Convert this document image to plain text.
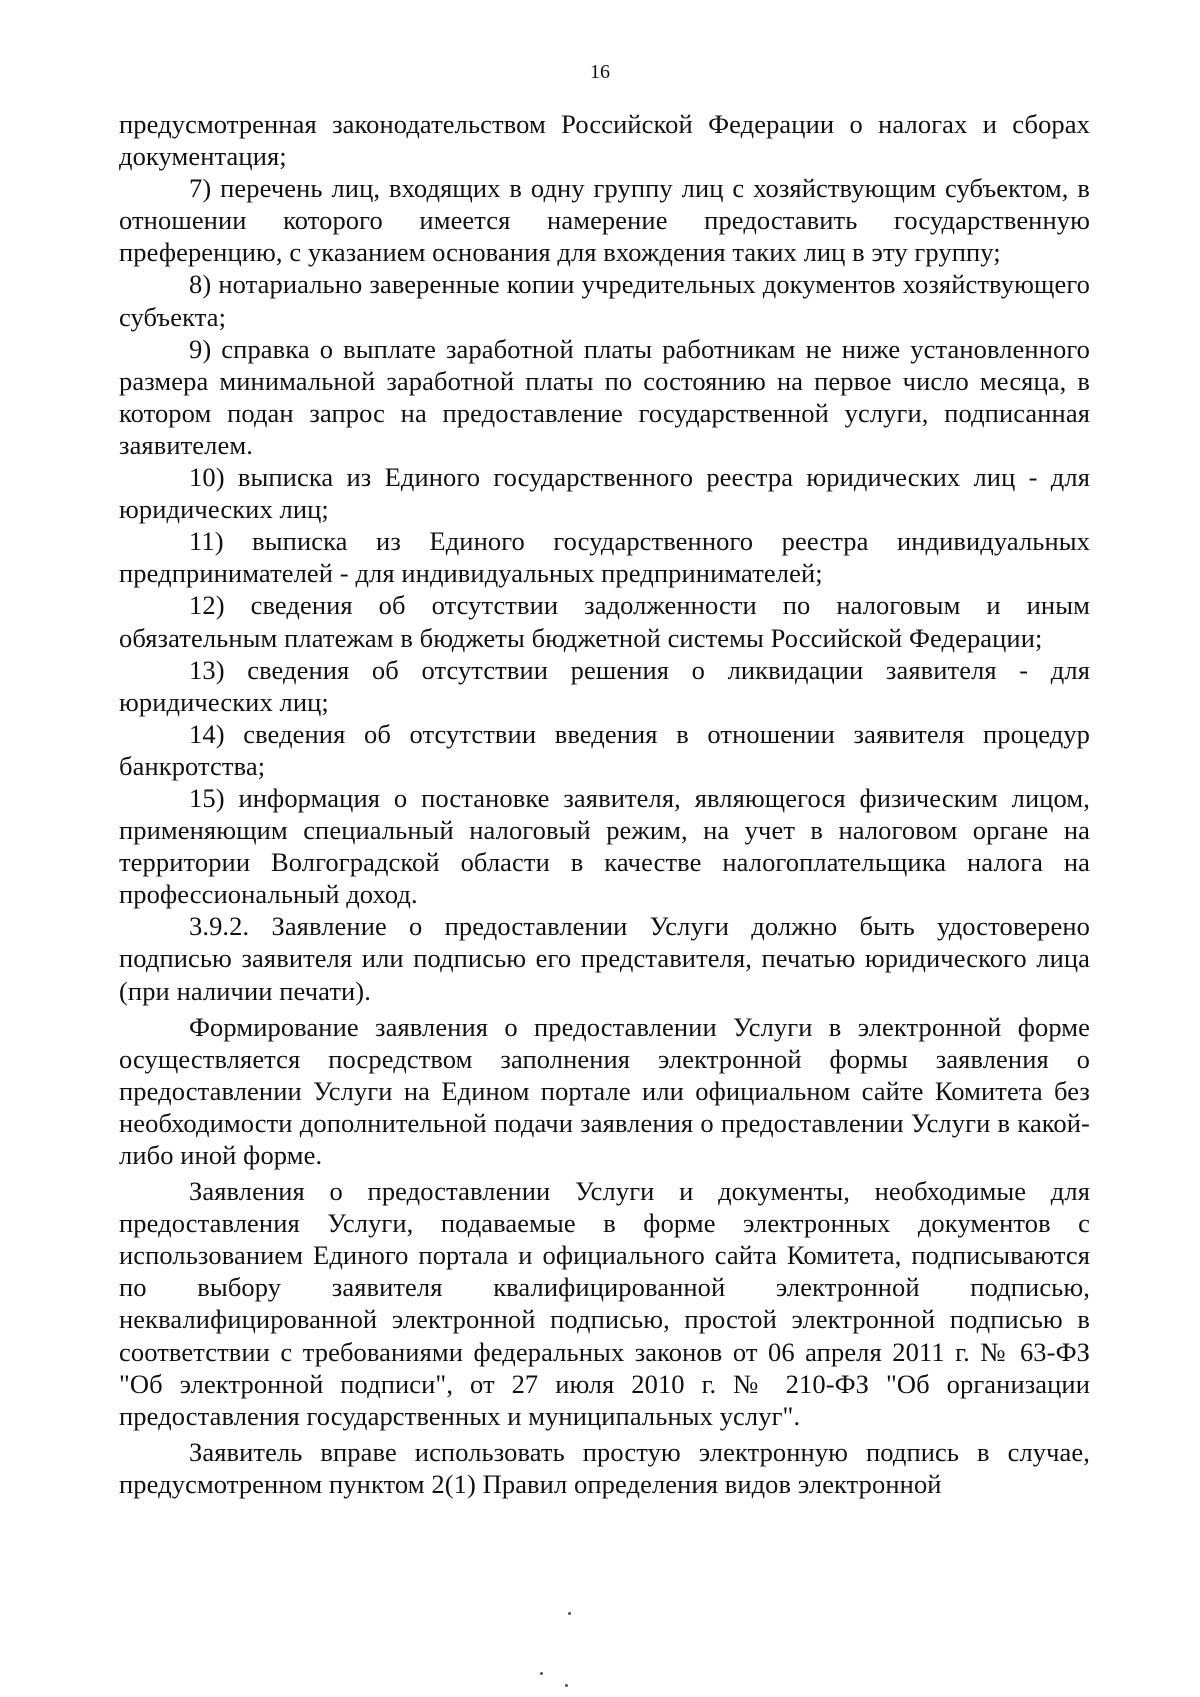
16

предусмотренная законодательством Российской Федерации о налогах и сборах документация;

7) перечень лиц, входящих в одну группу лиц с хозяйствующим субъектом, в отношении которого имеется намерение предоставить государственную преференцию, с указанием основания для вхождения таких лиц в эту группу;

8) нотариально заверенные копии учредительных документов хозяйствующего субъекта;

9) справка о выплате заработной платы работникам не ниже установленного размера минимальной заработной платы по состоянию на первое число месяца, в котором подан запрос на предоставление государственной услуги, подписанная заявителем.

10) выписка из Единого государственного реестра юридических лиц - для юридических лиц;

11) выписка из Единого государственного реестра индивидуальных предпринимателей - для индивидуальных предпринимателей;

12) сведения об отсутствии задолженности по налоговым и иным обязательным платежам в бюджеты бюджетной системы Российской Федерации;

13) сведения об отсутствии решения о ликвидации заявителя - для юридических лиц;

14) сведения об отсутствии введения в отношении заявителя процедур банкротства;

15) информация о постановке заявителя, являющегося физическим лицом, применяющим специальный налоговый режим, на учет в налоговом органе на территории Волгоградской области в качестве налогоплательщика налога на профессиональный доход.

3.9.2. Заявление о предоставлении Услуги должно быть удостоверено подписью заявителя или подписью его представителя, печатью юридического лица (при наличии печати).

Формирование заявления о предоставлении Услуги в электронной форме осуществляется посредством заполнения электронной формы заявления о предоставлении Услуги на Едином портале или официальном сайте Комитета без необходимости дополнительной подачи заявления о предоставлении Услуги в какой-либо иной форме.

Заявления о предоставлении Услуги и документы, необходимые для предоставления Услуги, подаваемые в форме электронных документов с использованием Единого портала и официального сайта Комитета, подписываются по выбору заявителя квалифицированной электронной подписью, неквалифицированной электронной подписью, простой электронной подписью в соответствии с требованиями федеральных законов от 06 апреля 2011 г. № 63-ФЗ "Об электронной подписи", от 27 июля 2010 г. № 210-ФЗ "Об организации предоставления государственных и муниципальных услуг".

Заявитель вправе использовать простую электронную подпись в случае, предусмотренном пунктом 2(1) Правил определения видов электронной
